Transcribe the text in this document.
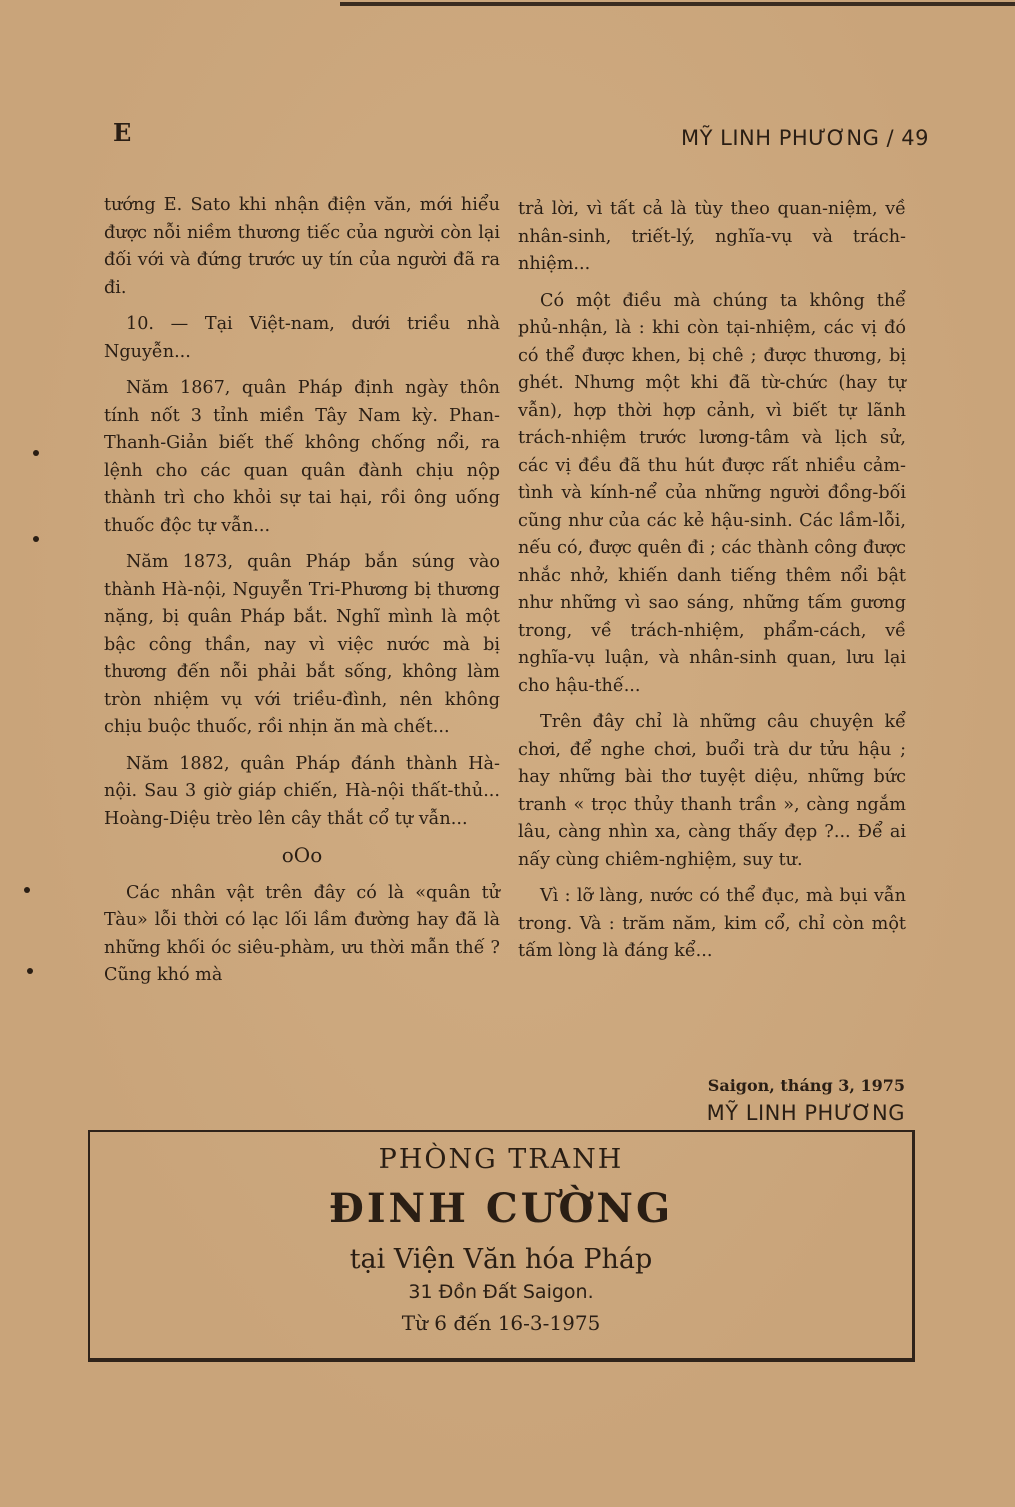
E	MỸ LINH PHƯƠNG / 49

tướng E. Sato khi nhận điện văn, mới hiểu được nỗi niềm thương tiếc của người còn lại đối với và đứng trước uy tín của người đã ra đi.

10. — Tại Việt-nam, dưới triều nhà Nguyễn...

Năm 1867, quân Pháp định ngày thôn tính nốt 3 tỉnh miền Tây Nam kỳ. Phan-Thanh-Giản biết thế không chống nổi, ra lệnh cho các quan quân đành chịu nộp thành trì cho khỏi sự tai hại, rồi ông uống thuốc độc tự vẫn...

Năm 1873, quân Pháp bắn súng vào thành Hà-nội, Nguyễn Tri-Phương bị thương nặng, bị quân Pháp bắt. Nghĩ mình là một bậc công thần, nay vì việc nước mà bị thương đến nỗi phải bắt sống, không làm tròn nhiệm vụ với triều-đình, nên không chịu buộc thuốc, rồi nhịn ăn mà chết...

Năm 1882, quân Pháp đánh thành Hà-nội. Sau 3 giờ giáp chiến, Hà-nội thất-thủ... Hoàng-Diệu trèo lên cây thắt cổ tự vẫn...

oOo

Các nhân vật trên đây có là «quân tử Tàu» lỗi thời có lạc lối lầm đường hay đã là những khối óc siêu-phàm, ưu thời mẫn thế ? Cũng khó mà

trả lời, vì tất cả là tùy theo quan-niệm, về nhân-sinh, triết-lý, nghĩa-vụ và trách-nhiệm...

Có một điều mà chúng ta không thể phủ-nhận, là : khi còn tại-nhiệm, các vị đó có thể được khen, bị chê ; được thương, bị ghét. Nhưng một khi đã từ-chức (hay tự vẫn), hợp thời hợp cảnh, vì biết tự lãnh trách-nhiệm trước lương-tâm và lịch sử, các vị đều đã thu hút được rất nhiều cảm-tình và kính-nể của những người đồng-bối cũng như của các kẻ hậu-sinh. Các lầm-lỗi, nếu có, được quên đi ; các thành công được nhắc nhở, khiến danh tiếng thêm nổi bật như những vì sao sáng, những tấm gương trong, về trách-nhiệm, phẩm-cách, về nghĩa-vụ luận, và nhân-sinh quan, lưu lại cho hậu-thế...

Trên đây chỉ là những câu chuyện kể chơi, để nghe chơi, buổi trà dư tửu hậu ; hay những bài thơ tuyệt diệu, những bức tranh « trọc thủy thanh trần », càng ngắm lâu, càng nhìn xa, càng thấy đẹp ?... Để ai nấy cùng chiêm-nghiệm, suy tư.

Vì : lỡ làng, nước có thể đục, mà bụi vẫn trong. Và : trăm năm, kim cổ, chỉ còn một tấm lòng là đáng kể...

Saigon, tháng 3, 1975
MỸ LINH PHƯƠNG
PHÒNG TRANH
ĐINH CƯỜNG
tại Viện Văn hóa Pháp
31 Đồn Đất Saigon.
Từ 6 đến 16-3-1975
